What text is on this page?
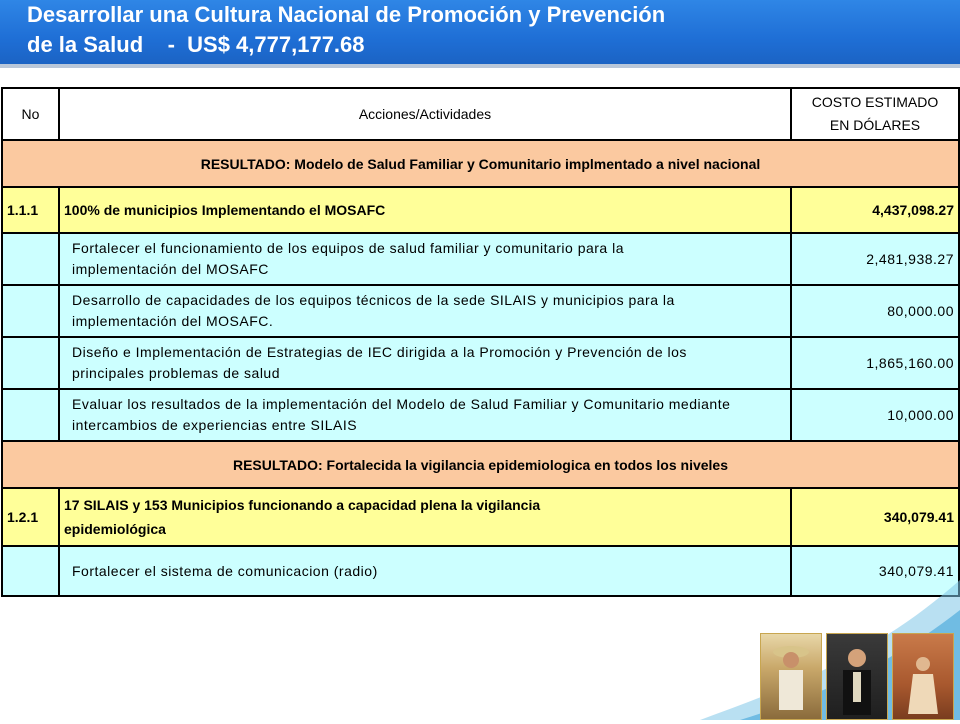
Desarrollar una Cultura Nacional de Promoción y Prevención
de la Salud    -  US$ 4,777,177.68
No	Acciones/Actividades	COSTO ESTIMADO
EN DÓLARES
RESULTADO: Modelo de Salud Familiar y Comunitario implmentado a nivel nacional		
1.1.1	100% de municipios Implementando el MOSAFC	4,437,098.27
	Fortalecer el funcionamiento de los equipos de salud familiar y comunitario para la
implementación del MOSAFC	2,481,938.27
	Desarrollo de capacidades de los equipos técnicos de la sede SILAIS y municipios para la
implementación del MOSAFC.	80,000.00
	Diseño e Implementación de Estrategias de IEC dirigida a la Promoción y Prevención de los
principales problemas de salud	1,865,160.00
	Evaluar los resultados de la implementación del Modelo de Salud Familiar y Comunitario mediante
intercambios de experiencias entre SILAIS	10,000.00
RESULTADO: Fortalecida la vigilancia epidemiologica en todos los niveles		
1.2.1	17 SILAIS y 153 Municipios funcionando a capacidad plena la vigilancia
epidemiológica	340,079.41
	Fortalecer el sistema de comunicacion (radio)	340,079.41
